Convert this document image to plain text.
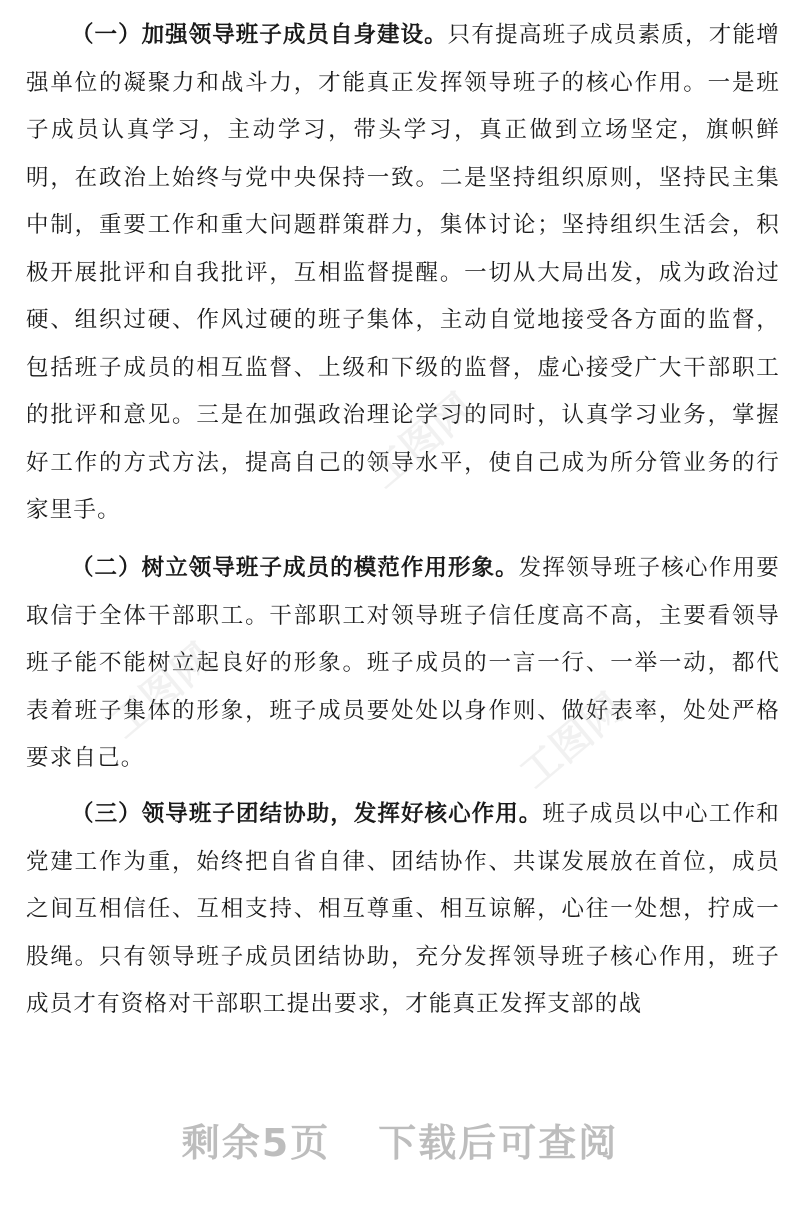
（一）加强领导班子成员自身建设。只有提高班子成员素质，才能增强单位的凝聚力和战斗力，才能真正发挥领导班子的核心作用。一是班子成员认真学习，主动学习，带头学习，真正做到立场坚定，旗帜鲜明，在政治上始终与党中央保持一致。二是坚持组织原则，坚持民主集中制，重要工作和重大问题群策群力，集体讨论；坚持组织生活会，积极开展批评和自我批评，互相监督提醒。一切从大局出发，成为政治过硬、组织过硬、作风过硬的班子集体，主动自觉地接受各方面的监督，包括班子成员的相互监督、上级和下级的监督，虚心接受广大干部职工的批评和意见。三是在加强政治理论学习的同时，认真学习业务，掌握好工作的方式方法，提高自己的领导水平，使自己成为所分管业务的行家里手。

（二）树立领导班子成员的模范作用形象。发挥领导班子核心作用要取信于全体干部职工。干部职工对领导班子信任度高不高，主要看领导班子能不能树立起良好的形象。班子成员的一言一行、一举一动，都代表着班子集体的形象，班子成员要处处以身作则、做好表率，处处严格要求自己。

（三）领导班子团结协助，发挥好核心作用。班子成员以中心工作和党建工作为重，始终把自省自律、团结协作、共谋发展放在首位，成员之间互相信任、互相支持、相互尊重、相互谅解，心往一处想，拧成一股绳。只有领导班子成员团结协助，充分发挥领导班子核心作用，班子成员才有资格对干部职工提出要求，才能真正发挥支部的战

工图网
工图网	工图网
剩余5页 下载后可查阅
